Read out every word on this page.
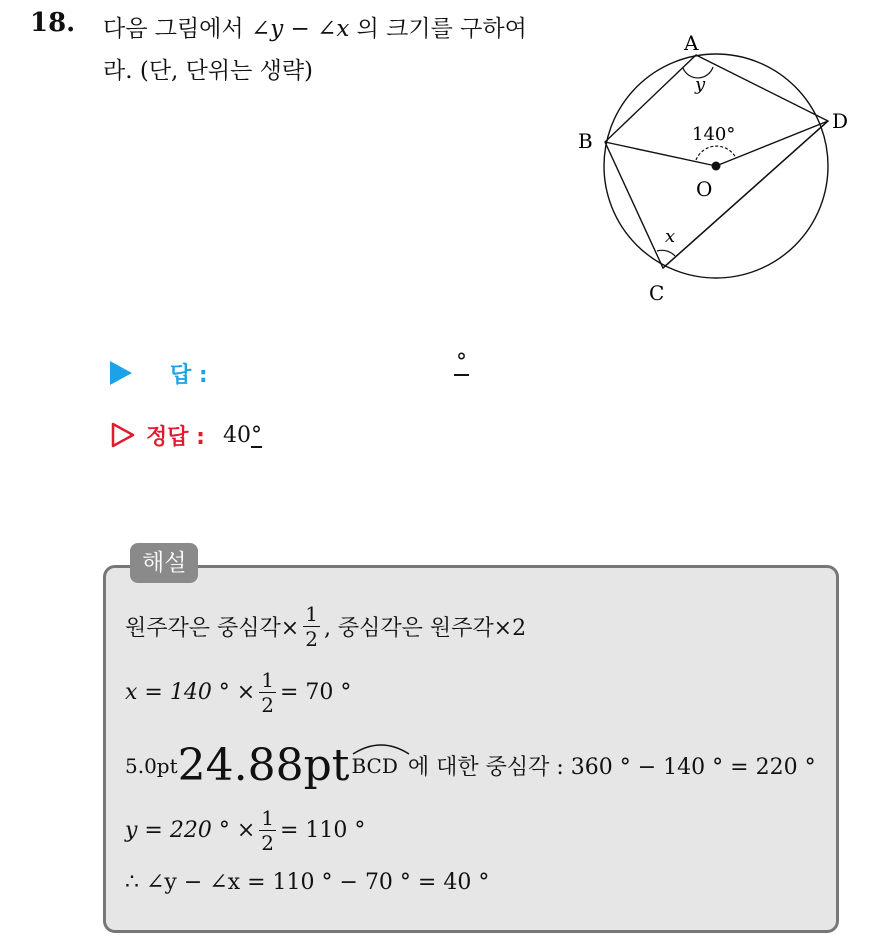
18. 다음 그림에서 ∠y − ∠x 의 크기를 구하여
라. (단, 단위는 생략)
A
B
C
D
O
x
y
140°
답 :	°
정답 : 40°
해설
원주각은 중심각× $\frac{1}{2}$ , 중심각은 원주각×2
x = 140 ° × $\frac{1}{2} = 70$ °
5.0pt 24.88pt BCD 에 대한 중심각 : 360 ° − 140 ° = 220 °
y = 220 ° × $\frac{1}{2} = 110$ °
∴ ∠y − ∠x = 110 ° − 70 ° = 40 °
